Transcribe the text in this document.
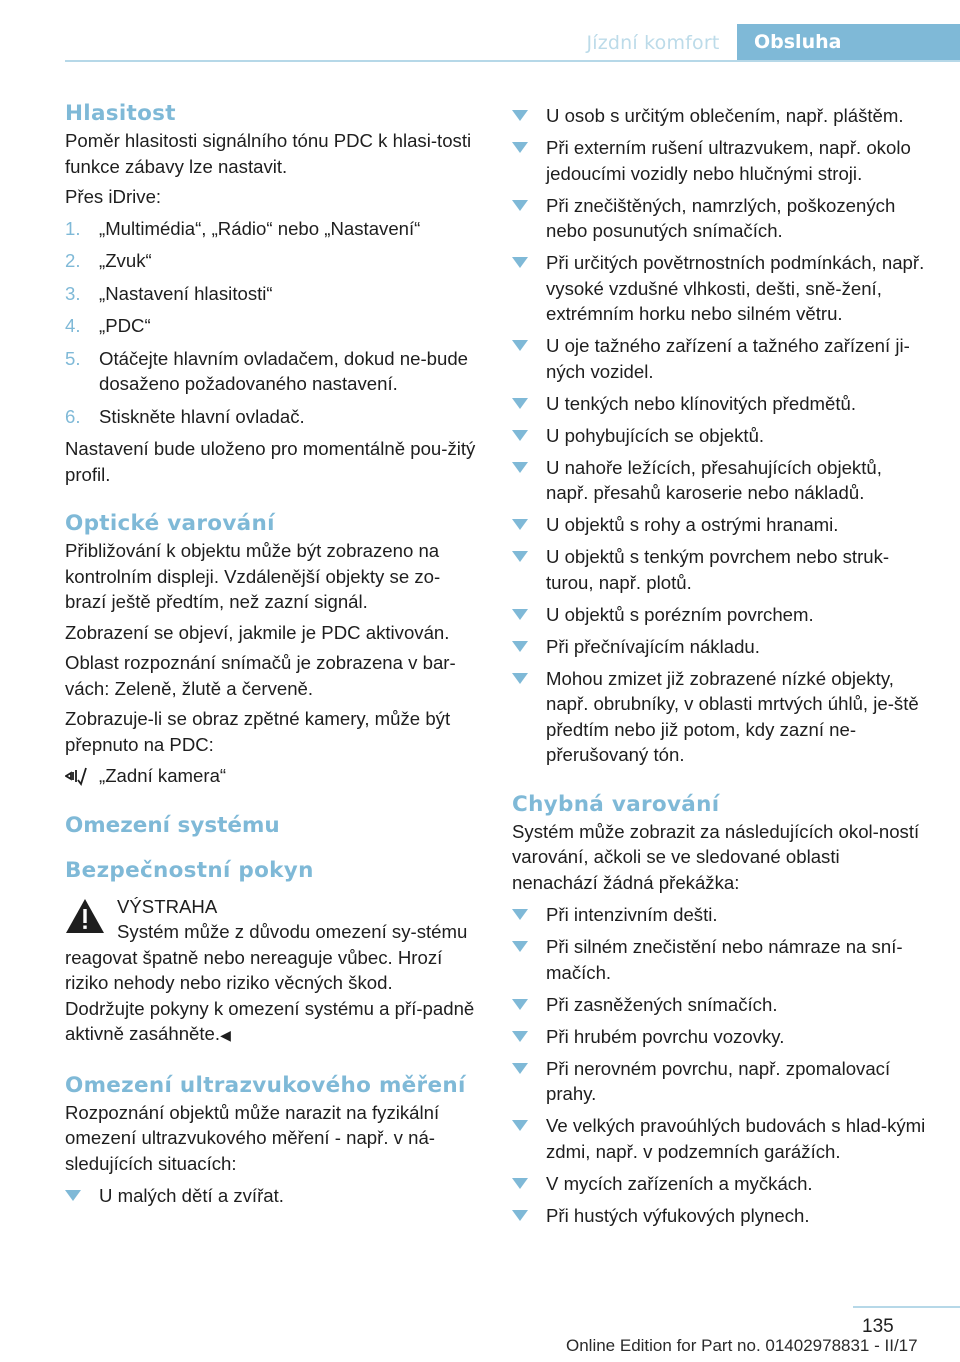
Jízdní komfort	Obsluha
Hlasitost

Poměr hlasitosti signálního tónu PDC k hlasi-tosti funkce zábavy lze nastavit.

Přes iDrive:

1. „Multimédia“, „Rádio“ nebo „Nastavení“
2. „Zvuk“
3. „Nastavení hlasitosti“
4. „PDC“
5. Otáčejte hlavním ovladačem, dokud ne-bude dosaženo požadovaného nastavení.
6. Stiskněte hlavní ovladač.

Nastavení bude uloženo pro momentálně pou-žitý profil.

Optické varování

Přibližování k objektu může být zobrazeno na kontrolním displeji. Vzdálenější objekty se zo-brazí ještě předtím, než zazní signál.

Zobrazení se objeví, jakmile je PDC aktivován.

Oblast rozpoznání snímačů je zobrazena v bar-vách: Zeleně, žlutě a červeně.

Zobrazuje-li se obraz zpětné kamery, může být přepnuto na PDC:

„Zadní kamera“
Omezení systému
Bezpečnostní pokyn
VÝSTRAHA
Systém může z důvodu omezení sy-stému reagovat špatně nebo nereaguje vůbec. Hrozí riziko nehody nebo riziko věcných škod. Dodržujte pokyny k omezení systému a pří-padně aktivně zasáhněte.◀
Omezení ultrazvukového měření

Rozpoznání objektů může narazit na fyzikální omezení ultrazvukového měření - např. v ná-sledujících situacích:

U malých dětí a zvířat.
U osob s určitým oblečením, např. pláštěm.
Při externím rušení ultrazvukem, např. okolo jedoucími vozidly nebo hlučnými stroji.
Při znečištěných, namrzlých, poškozených nebo posunutých snímačích.
Při určitých povětrnostních podmínkách, např. vysoké vzdušné vlhkosti, dešti, sně-žení, extrémním horku nebo silném větru.
U oje tažného zařízení a tažného zařízení ji-ných vozidel.
U tenkých nebo klínovitých předmětů.
U pohybujících se objektů.
U nahoře ležících, přesahujících objektů, např. přesahů karoserie nebo nákladů.
U objektů s rohy a ostrými hranami.
U objektů s tenkým povrchem nebo struk-turou, např. plotů.
U objektů s porézním povrchem.
Při přečnívajícím nákladu.
Mohou zmizet již zobrazené nízké objekty, např. obrubníky, v oblasti mrtvých úhlů, je-ště předtím nebo již potom, kdy zazní ne-přerušovaný tón.
Chybná varování

Systém může zobrazit za následujících okol-ností varování, ačkoli se ve sledované oblasti nenachází žádná překážka:

Při intenzivním dešti.
Při silném znečistění nebo námraze na sní-mačích.
Při zasněžených snímačích.
Při hrubém povrchu vozovky.
Při nerovném povrchu, např. zpomalovací prahy.
Ve velkých pravoúhlých budovách s hlad-kými zdmi, např. v podzemních garážích.
V mycích zařízeních a myčkách.
Při hustých výfukových plynech.
135
Online Edition for Part no. 01402978831 - II/17
